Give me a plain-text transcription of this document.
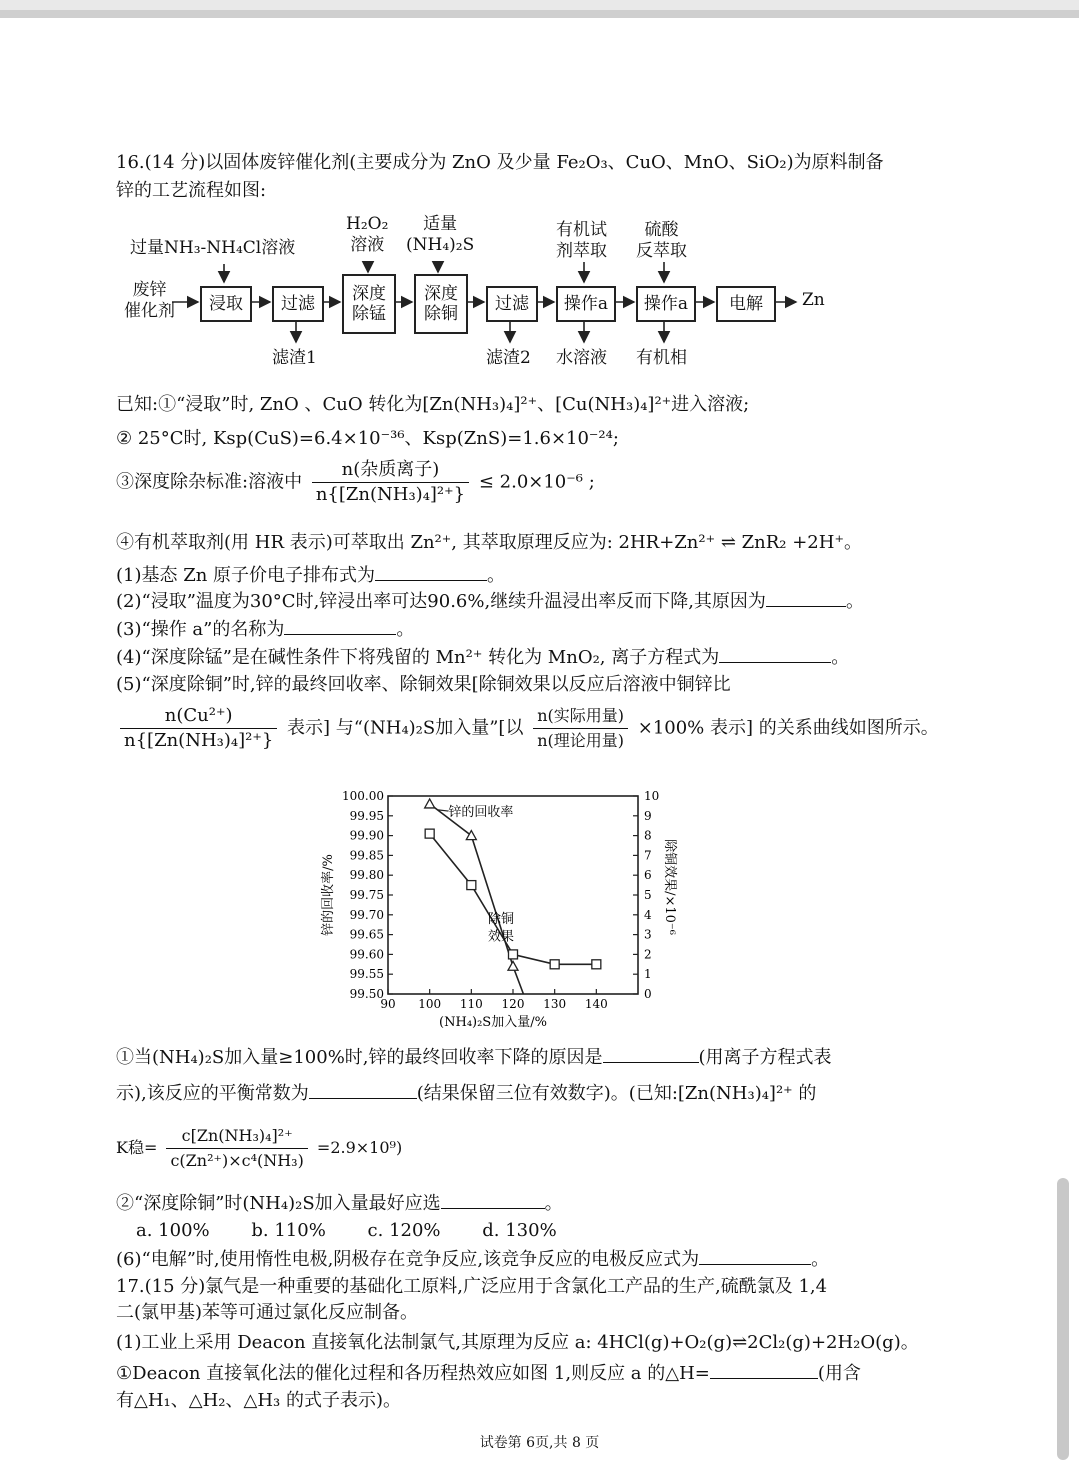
16.(14 分)以固体废锌催化剂(主要成分为 ZnO 及少量 Fe₂O₃、CuO、MnO、SiO₂)为原料制备
锌的工艺流程如图:
废锌
催化剂
过量NH₃-NH₄Cl溶液
H₂O₂
溶液
适量
(NH₄)₂S
有机试
剂萃取
硫酸
反萃取
浸取	过滤	深度
除锰
深度
除铜	过滤	操作a	操作a	电解	Zn
滤渣1	滤渣2 水溶液 有机相
已知:①“浸取”时, ZnO 、CuO 转化为[Zn(NH₃)₄]²⁺、[Cu(NH₃)₄]²⁺进入溶液;
② 25°C时, Ksp(CuS)=6.4×10⁻³⁶、Ksp(ZnS)=1.6×10⁻²⁴;
③深度除杂标准:溶液中 $\frac{\text{n(杂质离子)}}{\text{n\{[Zn(NH₃)₄]²⁺\}}} \le 2.0\times 10^{-6}$ ;
④有机萃取剂(用 HR 表示)可萃取出 Zn²⁺, 其萃取原理反应为: 2HR+Zn²⁺ ⇌ ZnR₂ +2H⁺。
(1)基态 Zn 原子价电子排布式为	。
(2)“浸取”温度为30°C时,锌浸出率可达90.6%,继续升温浸出率反而下降,其原因为	。
(3)“操作 a”的名称为	。
(4)“深度除锰”是在碱性条件下将残留的 Mn²⁺ 转化为 MnO₂, 离子方程式为	。
(5)“深度除铜”时,锌的最终回收率、除铜效果[除铜效果以反应后溶液中铜锌比
$\frac{\text{n(Cu²⁺)}}{\text{n\{[Zn(NH₃)₄]²⁺\}}}$ 表示] 与“(NH₄)₂S加入量”[以 $\frac{\text{n(实际用量)}}{\text{n(理论用量)}} \times 100\%$ 表示] 的关系曲线如图所示。
99.50
99.55
99.60
99.65
99.70
99.75
99.80
99.85
99.90
99.95
100.00
0
1
2
3
4
5
6
7
8
9
10
90 100 110 120 130 140
(NH₄)₂S加入量/%
锌的回收率/%	除铜效果/×10⁻⁶
锌的回收率
除铜
效果
①当(NH₄)₂S加入量≥100%时,锌的最终回收率下降的原因是	(用离子方程式表
示),该反应的平衡常数为	(结果保留三位有效数字)。(已知:[Zn(NH₃)₄]²⁺ 的
K稳= $\frac{\text{c[Zn(NH₃)₄]²⁺}}{\text{c(Zn²⁺)×c⁴(NH₃)}} =2.9\times 10^9$)
②“深度除铜”时(NH₄)₂S加入量最好应选	。
a. 100% b. 110% c. 120% d. 130%
(6)“电解”时,使用惰性电极,阴极存在竞争反应,该竞争反应的电极反应式为	。
17.(15 分)氯气是一种重要的基础化工原料,广泛应用于含氯化工产品的生产,硫酰氯及 1,4
二(氯甲基)苯等可通过氯化反应制备。
(1)工业上采用 Deacon 直接氧化法制氯气,其原理为反应 a: 4HCl(g)+O₂(g)⇌2Cl₂(g)+2H₂O(g)。
①Deacon 直接氧化法的催化过程和各历程热效应如图 1,则反应 a 的△H=	(用含
有△H₁、△H₂、△H₃ 的式子表示)。
试卷第 6页,共 8 页
